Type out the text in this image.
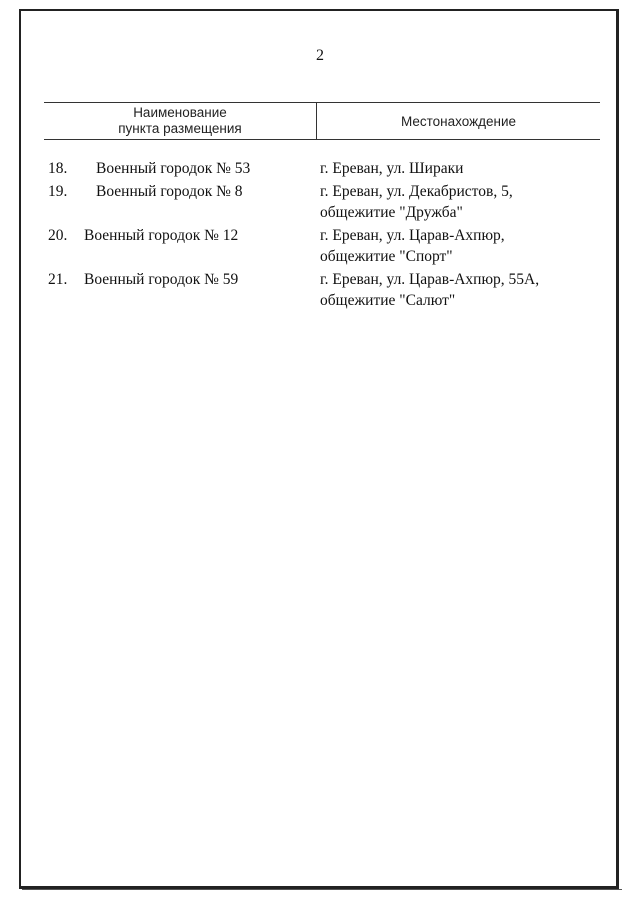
2
Наименование
пункта размещения	Местонахождение
18.	Военный городок № 53	г. Ереван, ул. Шираки
19.	Военный городок № 8	г. Ереван, ул. Декабристов, 5,
общежитие "Дружба"
20.	Военный городок № 12	г. Ереван, ул. Царав-Ахпюр,
общежитие "Спорт"
21.	Военный городок № 59	г. Ереван, ул. Царав-Ахпюр, 55А,
общежитие "Салют"
